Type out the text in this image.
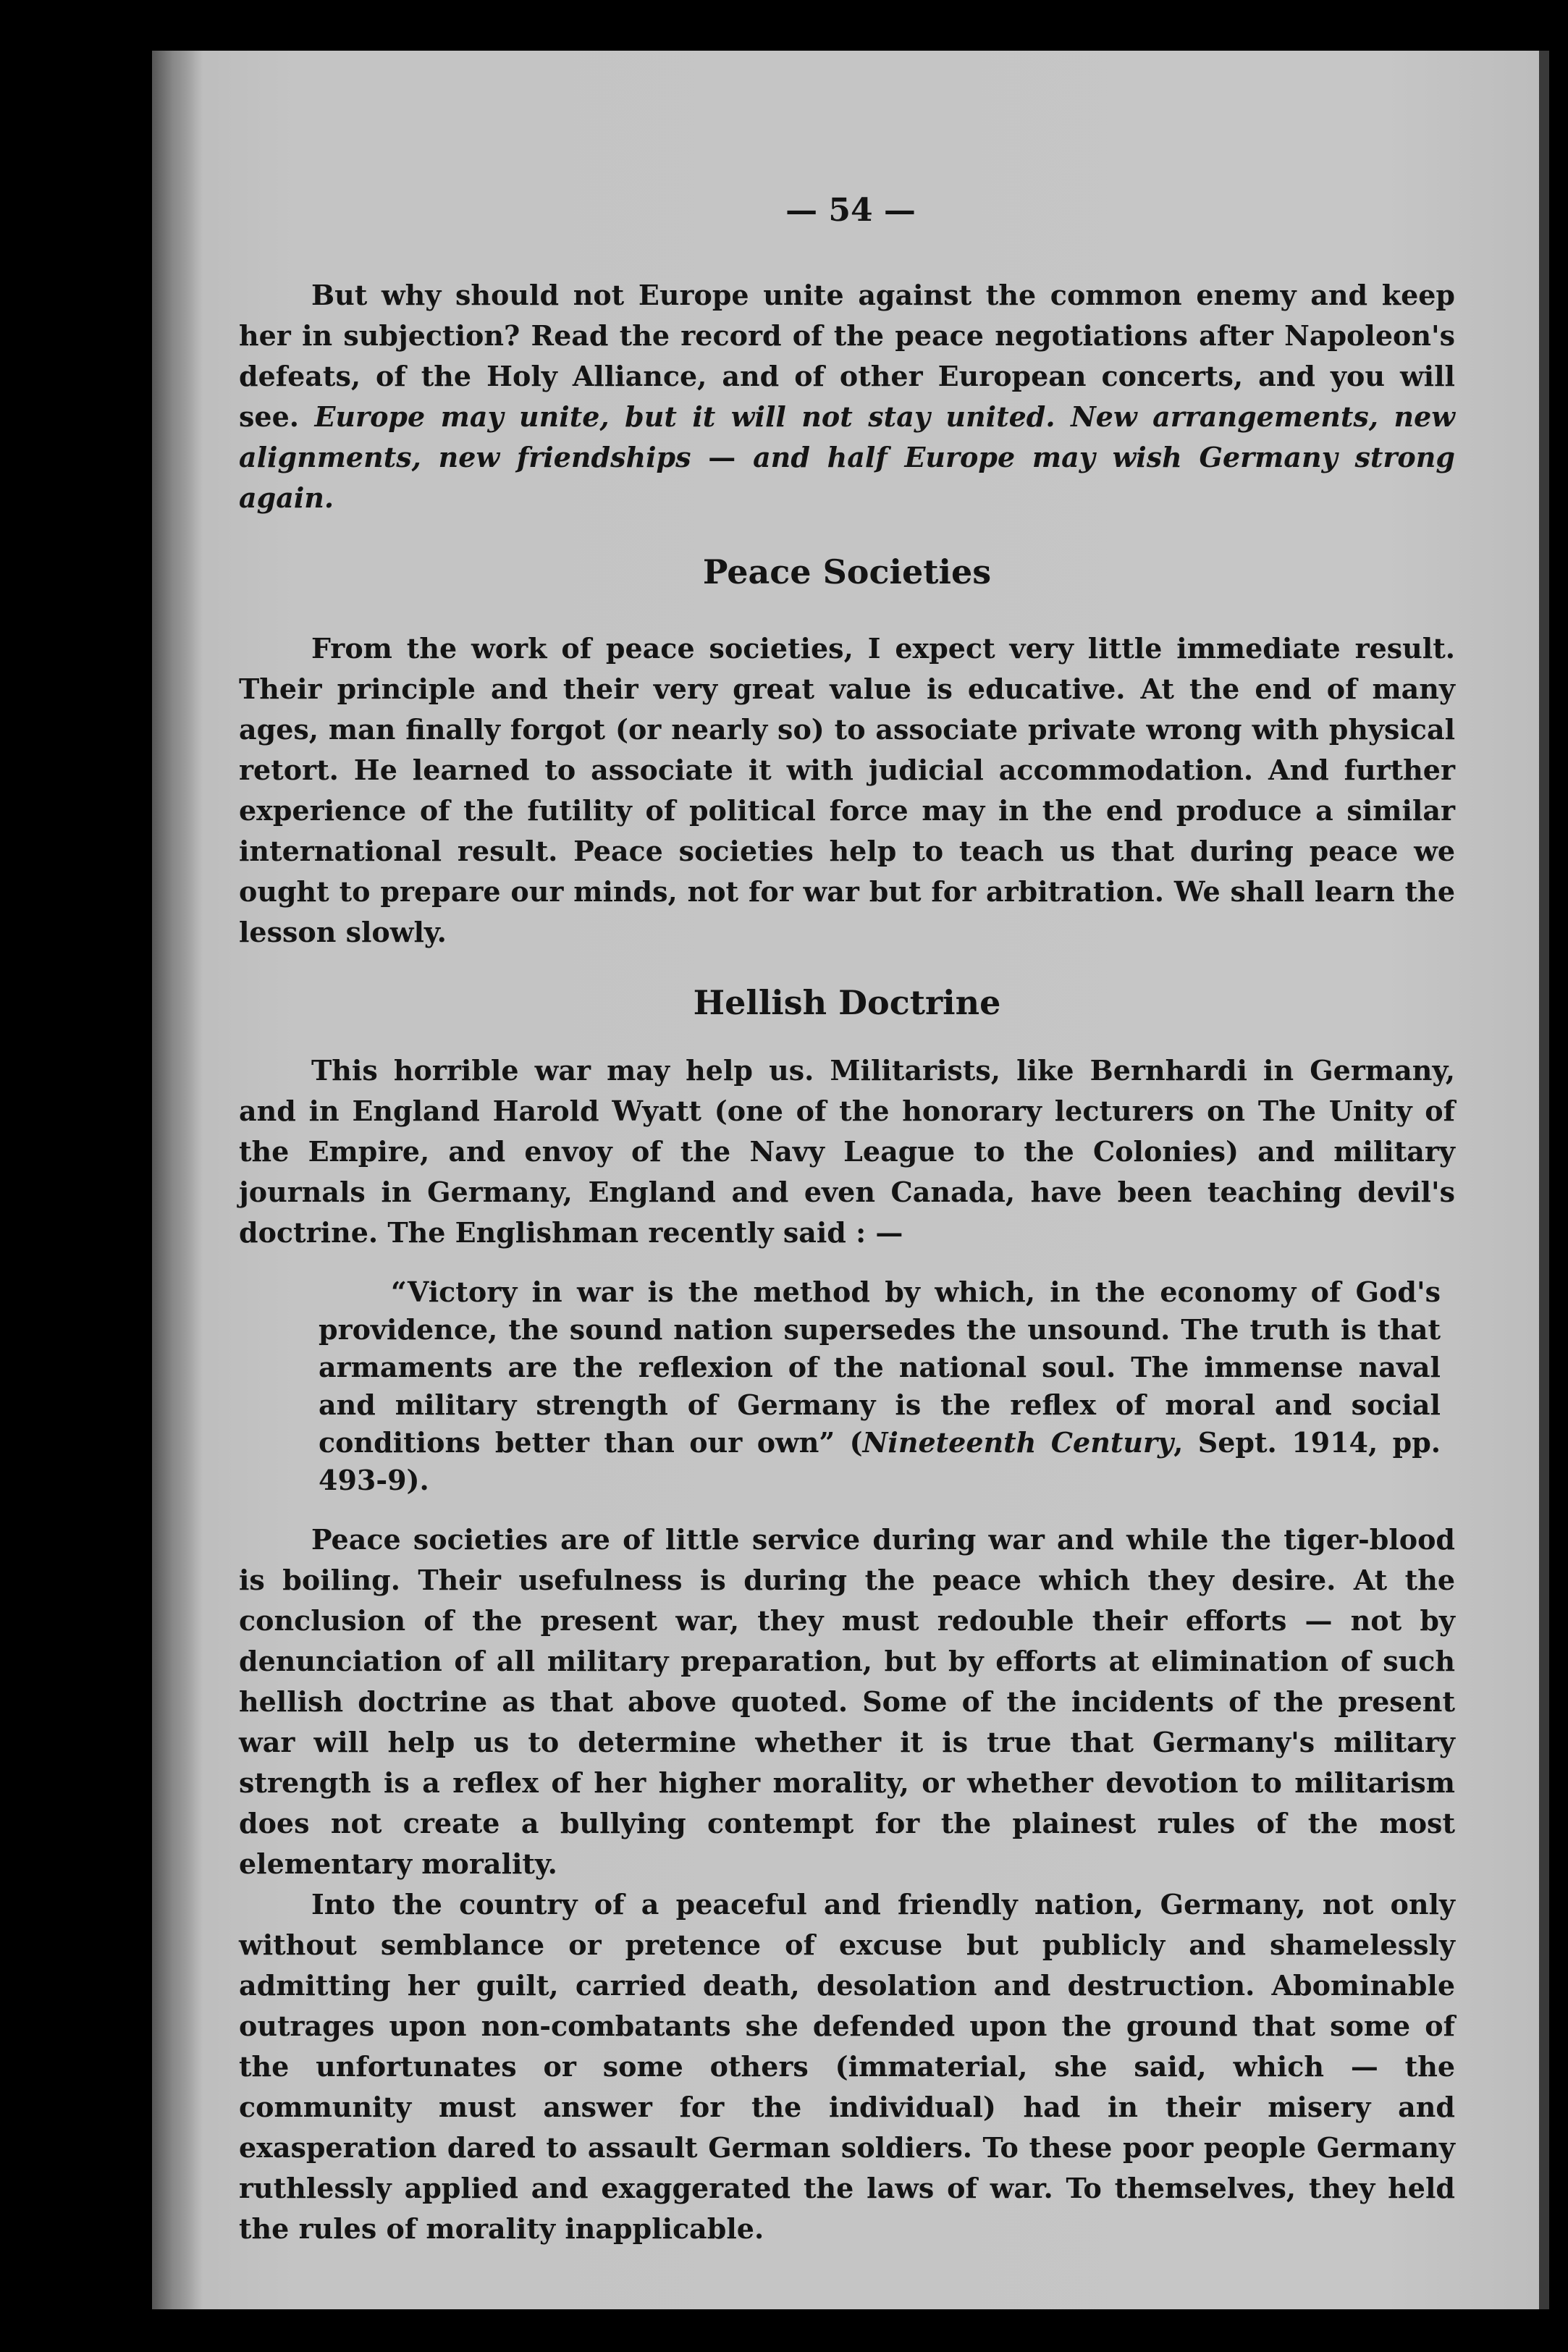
— 54 —

But why should not Europe unite against the common enemy and keep her in subjection? Read the record of the peace negotiations after Napoleon's defeats, of the Holy Alliance, and of other European concerts, and you will see. Europe may unite, but it will not stay united. New arrangements, new alignments, new friendships — and half Europe may wish Germany strong again.

Peace Societies

From the work of peace societies, I expect very little immediate result. Their principle and their very great value is educative. At the end of many ages, man finally forgot (or nearly so) to associate private wrong with physical retort. He learned to associate it with judicial accommodation. And further experience of the futility of political force may in the end produce a similar international result. Peace societies help to teach us that during peace we ought to prepare our minds, not for war but for arbitration. We shall learn the lesson slowly.

Hellish Doctrine

This horrible war may help us. Militarists, like Bernhardi in Germany, and in England Harold Wyatt (one of the honorary lecturers on The Unity of the Empire, and envoy of the Navy League to the Colonies) and military journals in Germany, England and even Canada, have been teaching devil's doctrine. The Englishman recently said : —

“Victory in war is the method by which, in the economy of God's providence, the sound nation supersedes the unsound. The truth is that armaments are the reflexion of the national soul. The immense naval and military strength of Germany is the reflex of moral and social conditions better than our own” (Nineteenth Century, Sept. 1914, pp. 493-9).

Peace societies are of little service during war and while the tiger-blood is boiling. Their usefulness is during the peace which they desire. At the conclusion of the present war, they must redouble their efforts — not by denunciation of all military preparation, but by efforts at elimination of such hellish doctrine as that above quoted. Some of the incidents of the present war will help us to determine whether it is true that Germany's military strength is a reflex of her higher morality, or whether devotion to militarism does not create a bullying contempt for the plainest rules of the most elementary morality.

Into the country of a peaceful and friendly nation, Germany, not only without semblance or pretence of excuse but publicly and shamelessly admitting her guilt, carried death, desolation and destruction. Abominable outrages upon non-combatants she defended upon the ground that some of the unfortunates or some others (immaterial, she said, which — the community must answer for the individual) had in their misery and exasperation dared to assault German soldiers. To these poor people Germany ruthlessly applied and exaggerated the laws of war. To themselves, they held the rules of morality inapplicable.
